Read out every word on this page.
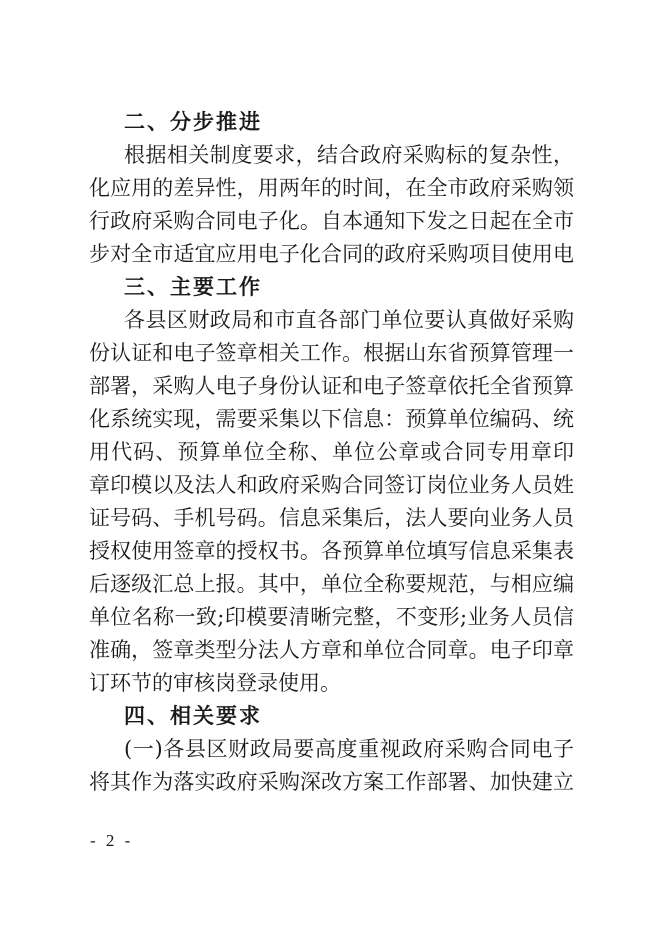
二、分步推进
根据相关制度要求，结合政府采购标的复杂性，
化应用的差异性，用两年的时间，在全市政府采购领
行政府采购合同电子化。自本通知下发之日起在全市
步对全市适宜应用电子化合同的政府采购项目使用电
三、主要工作
各县区财政局和市直各部门单位要认真做好采购
份认证和电子签章相关工作。根据山东省预算管理一
部署，采购人电子身份认证和电子签章依托全省预算
化系统实现，需要采集以下信息：预算单位编码、统
用代码、预算单位全称、单位公章或合同专用章印
章印模以及法人和政府采购合同签订岗位业务人员姓
证号码、手机号码。信息采集后，法人要向业务人员
授权使用签章的授权书。各预算单位填写信息采集表
后逐级汇总上报。其中，单位全称要规范，与相应编
单位名称一致;印模要清晰完整，不变形;业务人员信
准确，签章类型分法人方章和单位合同章。电子印章
订环节的审核岗登录使用。
四、相关要求
(一)各县区财政局要高度重视政府采购合同电子
将其作为落实政府采购深改方案工作部署、加快建立
- 2 -
